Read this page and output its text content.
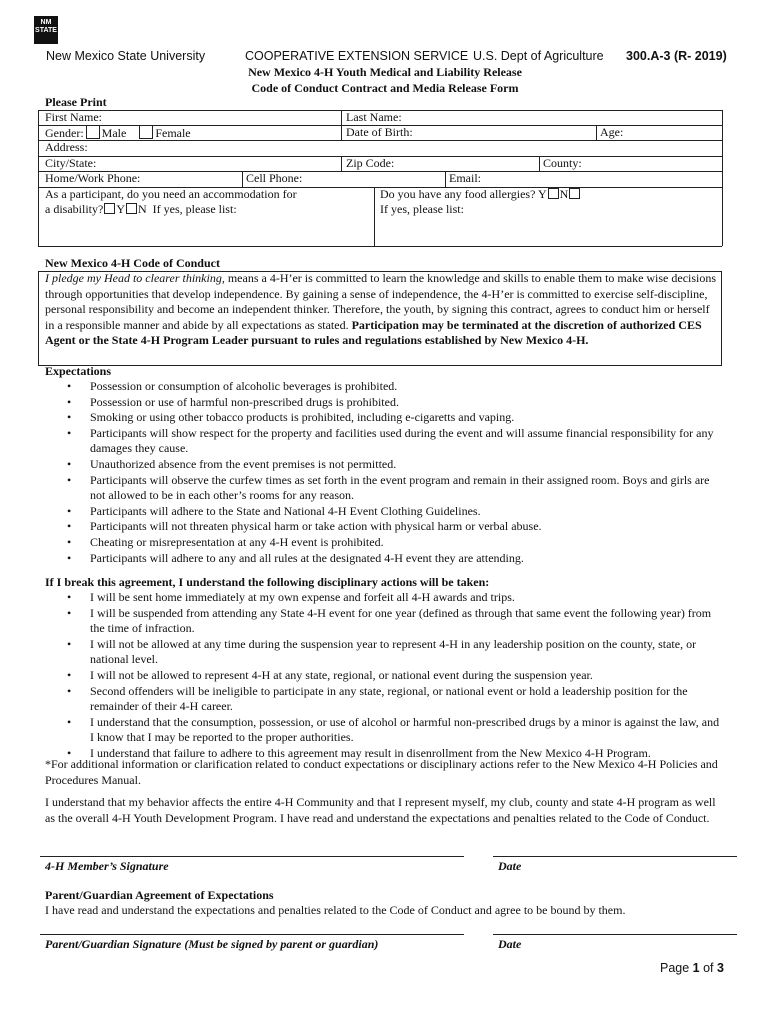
NM STATE
New Mexico State University	COOPERATIVE EXTENSION SERVICE U.S. Dept of Agriculture 300.A-3 (R- 2019)
New Mexico 4-H Youth Medical and Liability Release
Code of Conduct Contract and Media Release Form
Please Print
First Name:	Last Name:
Gender: Male Female	Date of Birth:	Age:
Address:
City/State:	Zip Code:	County:
Home/Work Phone:	Cell Phone:	Email:
As a participant, do you need an accommodation for
a disability? Y N If yes, please list:
Do you have any food allergies? Y N
If yes, please list:
New Mexico 4-H Code of Conduct
I pledge my Head to clearer thinking, means a 4-H’er is committed to learn the knowledge and skills to enable them to make wise decisions through opportunities that develop independence. By gaining a sense of independence, the 4-H’er is committed to exercise self-discipline, personal responsibility and become an independent thinker. Therefore, the youth, by signing this contract, agrees to conduct him or herself in a responsible manner and abide by all expectations as stated. Participation may be terminated at the discretion of authorized CES Agent or the State 4-H Program Leader pursuant to rules and regulations established by New Mexico 4-H.
Expectations
• Possession or consumption of alcoholic beverages is prohibited.
• Possession or use of harmful non-prescribed drugs is prohibited.
• Smoking or using other tobacco products is prohibited, including e-cigaretts and vaping.
• Participants will show respect for the property and facilities used during the event and will assume financial responsibility for any damages they cause.
• Unauthorized absence from the event premises is not permitted.
• Participants will observe the curfew times as set forth in the event program and remain in their assigned room. Boys and girls are not allowed to be in each other’s rooms for any reason.
• Participants will adhere to the State and National 4-H Event Clothing Guidelines.
• Participants will not threaten physical harm or take action with physical harm or verbal abuse.
• Cheating or misrepresentation at any 4-H event is prohibited.
• Participants will adhere to any and all rules at the designated 4-H event they are attending.
If I break this agreement, I understand the following disciplinary actions will be taken:
• I will be sent home immediately at my own expense and forfeit all 4-H awards and trips.
• I will be suspended from attending any State 4-H event for one year (defined as through that same event the following year) from the time of infraction.
• I will not be allowed at any time during the suspension year to represent 4-H in any leadership position on the county, state, or national level.
• I will not be allowed to represent 4-H at any state, regional, or national event during the suspension year.
• Second offenders will be ineligible to participate in any state, regional, or national event or hold a leadership position for the remainder of their 4-H career.
• I understand that the consumption, possession, or use of alcohol or harmful non-prescribed drugs by a minor is against the law, and I know that I may be reported to the proper authorities.
• I understand that failure to adhere to this agreement may result in disenrollment from the New Mexico 4-H Program.
*For additional information or clarification related to conduct expectations or disciplinary actions refer to the New Mexico 4-H Policies and Procedures Manual.
I understand that my behavior affects the entire 4-H Community and that I represent myself, my club, county and state 4-H program as well as the overall 4-H Youth Development Program. I have read and understand the expectations and penalties related to the Code of Conduct.
4-H Member’s Signature	Date
Parent/Guardian Agreement of Expectations
I have read and understand the expectations and penalties related to the Code of Conduct and agree to be bound by them.
Parent/Guardian Signature (Must be signed by parent or guardian)	Date
Page 1 of 3
